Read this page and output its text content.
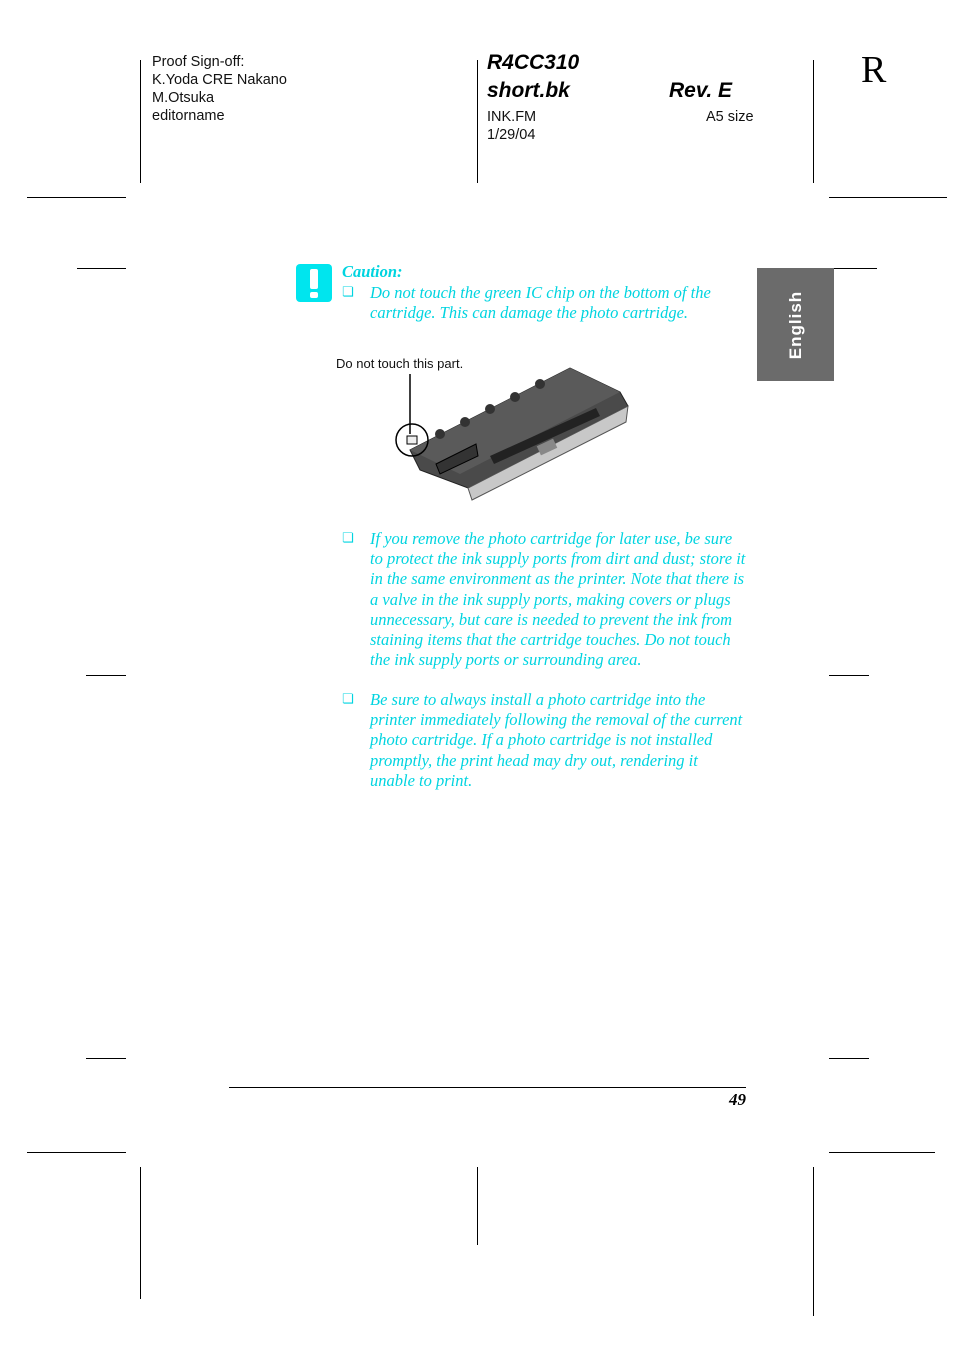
Proof Sign-off:
K.Yoda CRE Nakano
M.Otsuka
editorname
R4CC310
short.bk	Rev. E
INK.FM
1/29/04
A5 size
R
English
Caution:
❏ Do not touch the green IC chip on the bottom of the cartridge. This can damage the photo cartridge.
Do not touch this part.
❏ If you remove the photo cartridge for later use, be sure to protect the ink supply ports from dirt and dust; store it in the same environment as the printer. Note that there is a valve in the ink supply ports, making covers or plugs unnecessary, but care is needed to prevent the ink from staining items that the cartridge touches. Do not touch the ink supply ports or surrounding area.
❏ Be sure to always install a photo cartridge into the printer immediately following the removal of the current photo cartridge. If a photo cartridge is not installed promptly, the print head may dry out, rendering it unable to print.
49
